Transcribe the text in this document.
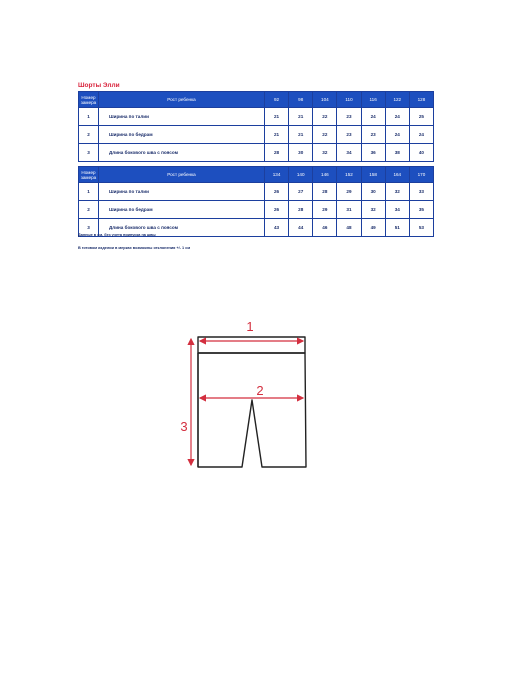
Шорты Элли
Номер замера	Рост ребенка	92	98	104	110	116	122	128
1	Ширина по талии	21	21	22	23	24	24	25
2	Ширина по бедрам	21	21	22	23	23	24	24
3	Длина бокового шва с поясом	28	30	32	34	36	38	40
Номер замера	Рост ребенка	134	140	146	152	158	164	170
1	Ширина по талии	26	27	28	29	30	32	33
2	Ширина по бедрам	26	28	29	31	32	34	35
3	Длина бокового шва с поясом	43	44	46	48	49	51	53
Данные в см, без учета припуска на швы
В готовом изделии в мерках возможны отклонения +/- 1 см
1
2
3
